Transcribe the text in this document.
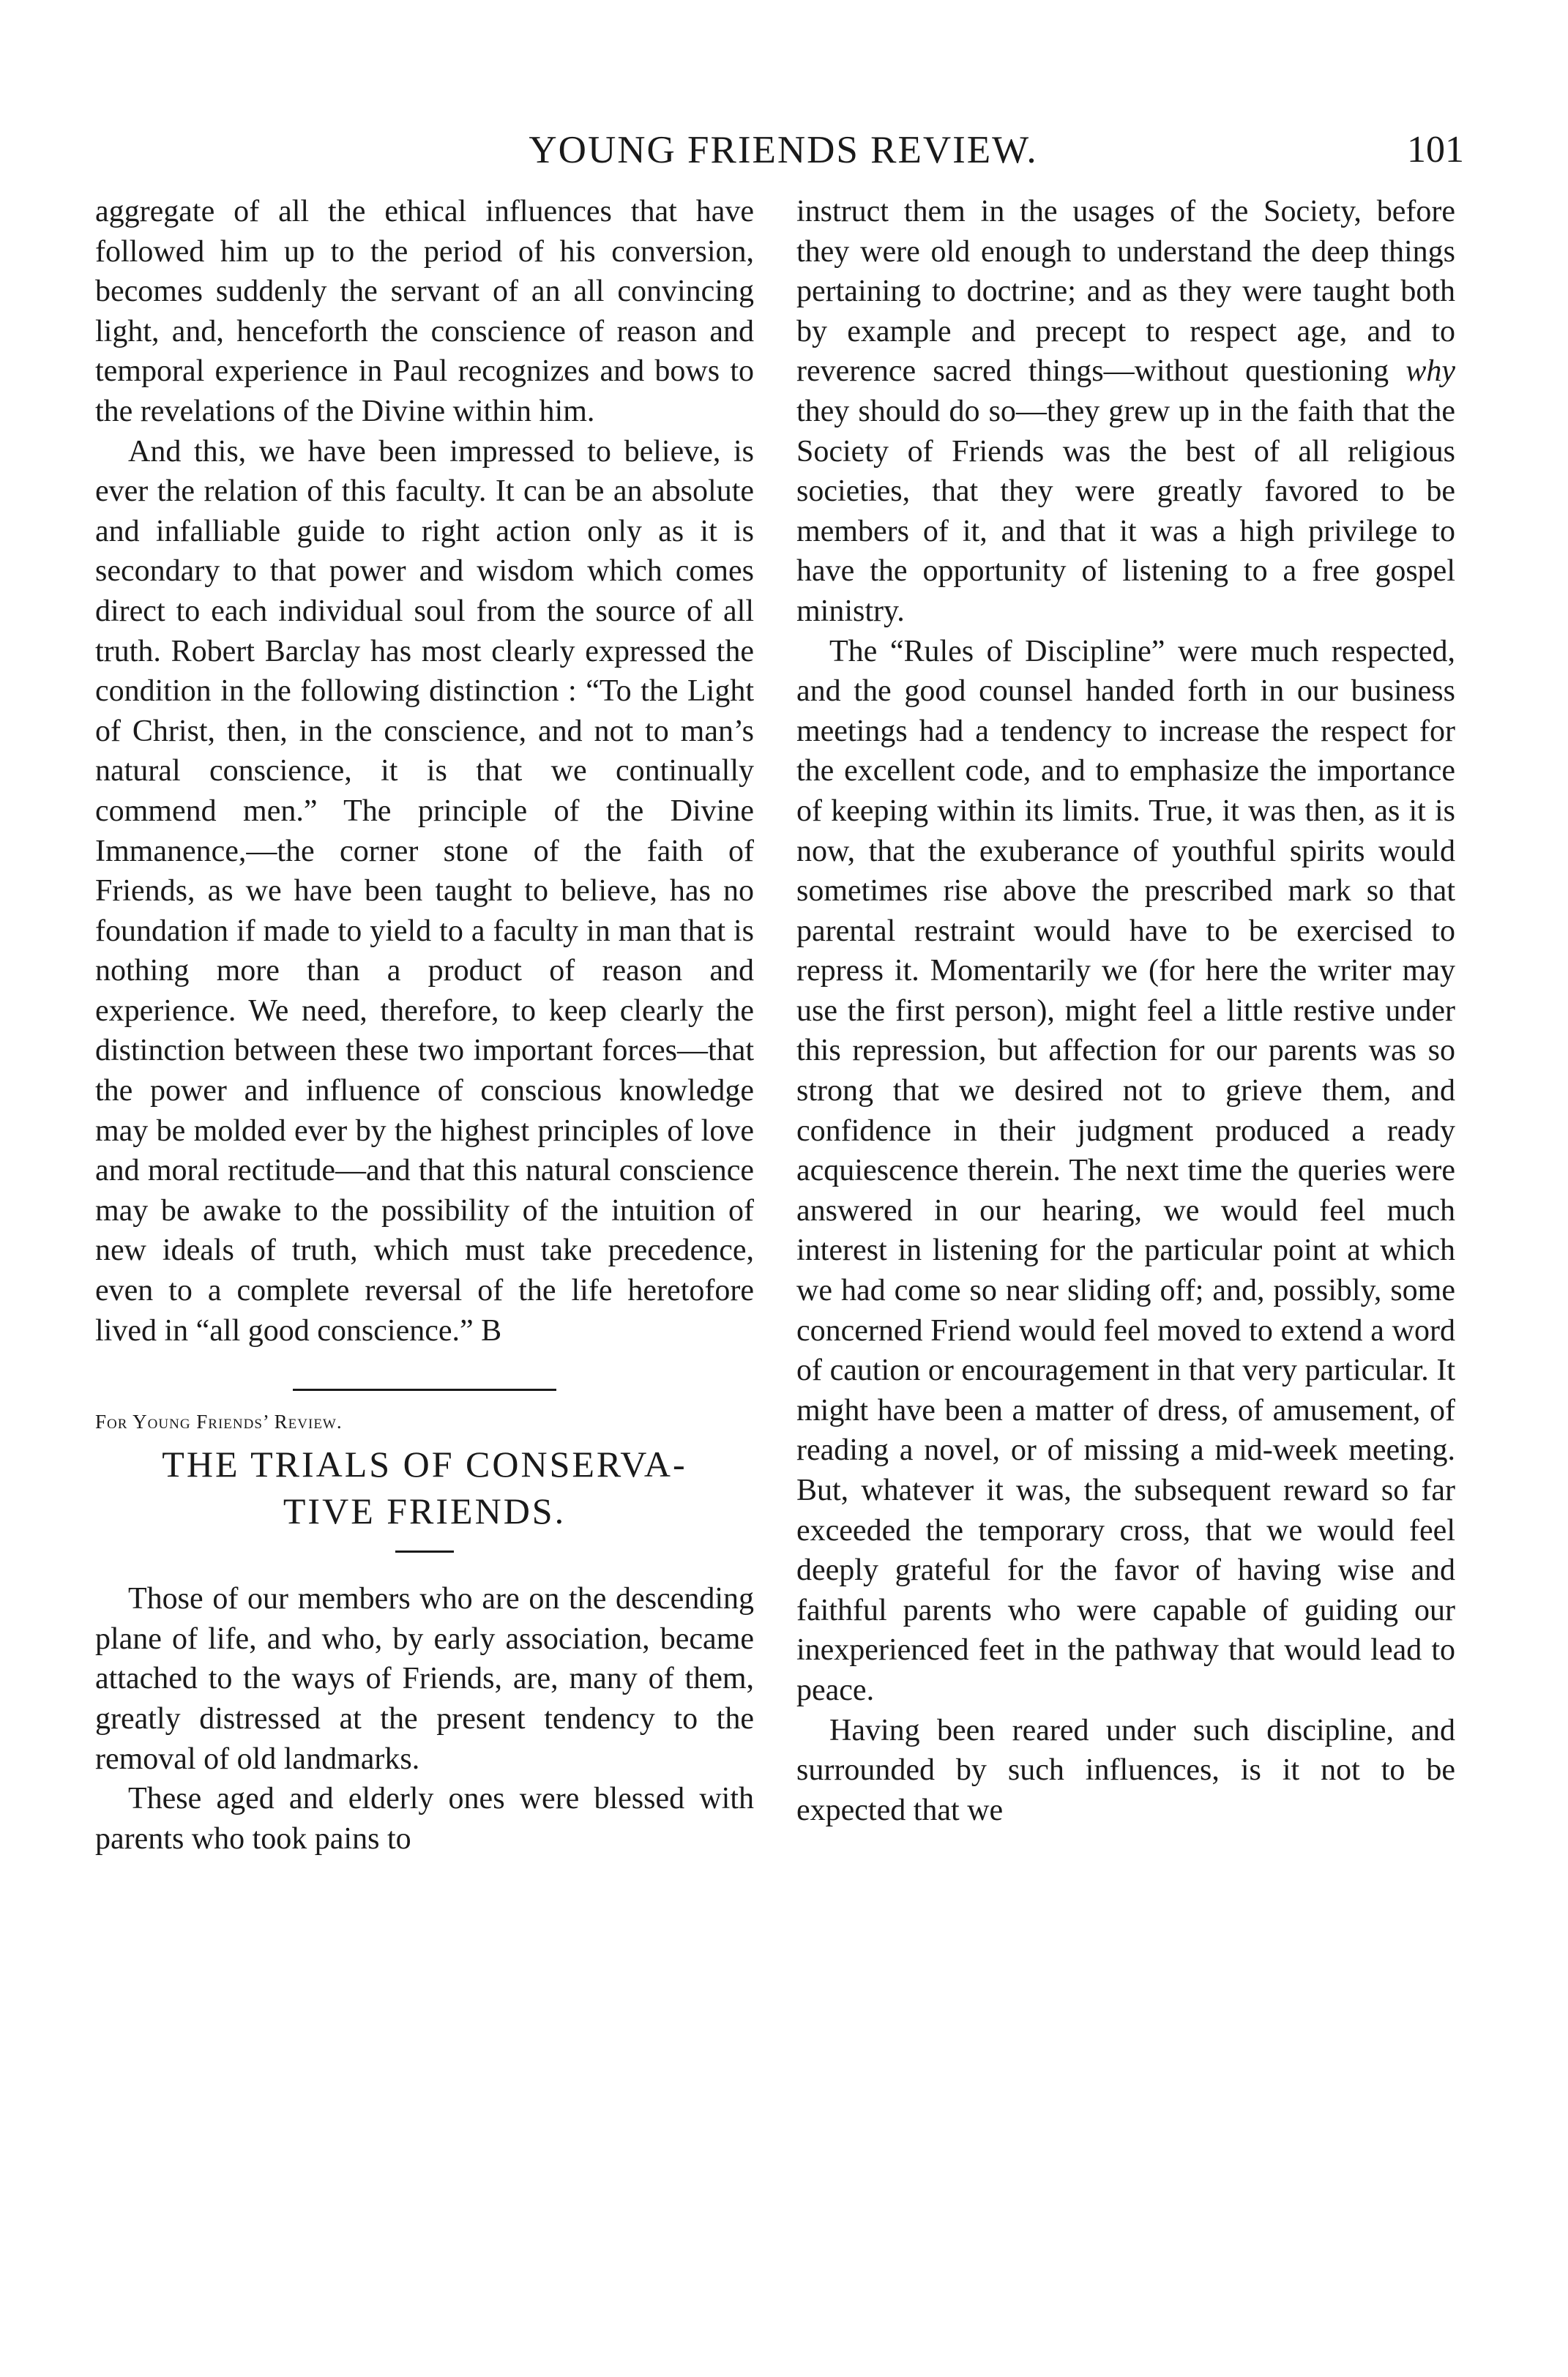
YOUNG FRIENDS REVIEW.	101

aggregate of all the ethical influences that have followed him up to the period of his conversion, becomes suddenly the servant of an all convincing light, and, henceforth the conscience of reason and temporal experience in Paul recognizes and bows to the revelations of the Divine within him.

And this, we have been impressed to believe, is ever the relation of this faculty. It can be an absolute and infalliable guide to right action only as it is secondary to that power and wisdom which comes direct to each individual soul from the source of all truth. Robert Barclay has most clearly expressed the condition in the following distinction : “To the Light of Christ, then, in the conscience, and not to man’s natural conscience, it is that we continually commend men.” The principle of the Divine Immanence,—the corner stone of the faith of Friends, as we have been taught to believe, has no foundation if made to yield to a faculty in man that is nothing more than a product of reason and experience. We need, therefore, to keep clearly the distinction between these two important forces—that the power and influence of conscious knowledge may be molded ever by the highest principles of love and moral rectitude—and that this natural conscience may be awake to the possibility of the intuition of new ideals of truth, which must take precedence, even to a complete reversal of the life heretofore lived in “all good conscience.” B

For Young Friends’ Review.

THE TRIALS OF CONSERVA-
TIVE FRIENDS.

Those of our members who are on the descending plane of life, and who, by early association, became attached to the ways of Friends, are, many of them, greatly distressed at the present tendency to the removal of old landmarks.

These aged and elderly ones were blessed with parents who took pains to

instruct them in the usages of the Society, before they were old enough to understand the deep things pertaining to doctrine; and as they were taught both by example and precept to respect age, and to reverence sacred things—without questioning why they should do so—they grew up in the faith that the Society of Friends was the best of all religious societies, that they were greatly favored to be members of it, and that it was a high privilege to have the opportunity of listening to a free gospel ministry.

The “Rules of Discipline” were much respected, and the good counsel handed forth in our business meetings had a tendency to increase the respect for the excellent code, and to emphasize the importance of keeping within its limits. True, it was then, as it is now, that the exuberance of youthful spirits would sometimes rise above the prescribed mark so that parental restraint would have to be exercised to repress it. Momentarily we (for here the writer may use the first person), might feel a little restive under this repression, but affection for our parents was so strong that we desired not to grieve them, and confidence in their judgment produced a ready acquiescence therein. The next time the queries were answered in our hearing, we would feel much interest in listening for the particular point at which we had come so near sliding off; and, possibly, some concerned Friend would feel moved to extend a word of caution or encouragement in that very particular. It might have been a matter of dress, of amusement, of reading a novel, or of missing a mid-week meeting. But, whatever it was, the subsequent reward so far exceeded the temporary cross, that we would feel deeply grateful for the favor of having wise and faithful parents who were capable of guiding our inexperienced feet in the pathway that would lead to peace.

Having been reared under such discipline, and surrounded by such influences, is it not to be expected that we
